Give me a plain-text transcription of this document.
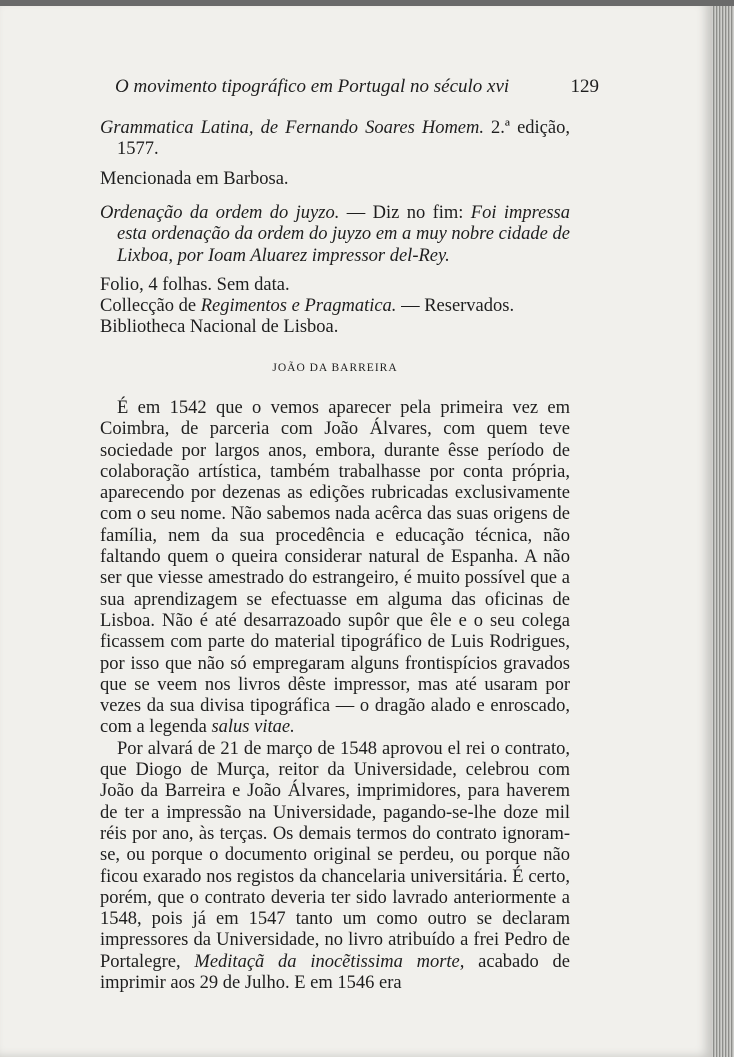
O movimento tipográfico em Portugal no século xvi	129

Grammatica Latina, de Fernando Soares Homem. 2.ª edição, 1577.

Mencionada em Barbosa.

Ordenação da ordem do juyzo. — Diz no fim: Foi impressa esta ordenação da ordem do juyzo em a muy nobre cidade de Lixboa, por Ioam Aluarez impressor del-Rey.

Folio, 4 folhas. Sem data.

Collecção de Regimentos e Pragmatica. — Reservados.

Bibliotheca Nacional de Lisboa.

JOÃO DA BARREIRA

É em 1542 que o vemos aparecer pela primeira vez em Coimbra, de parceria com João Álvares, com quem teve sociedade por largos anos, embora, durante êsse período de colaboração artística, também trabalhasse por conta própria, aparecendo por dezenas as edições rubricadas exclusivamente com o seu nome. Não sabemos nada acêrca das suas origens de família, nem da sua procedência e educação técnica, não faltando quem o queira considerar natural de Espanha. A não ser que viesse amestrado do estrangeiro, é muito possível que a sua aprendizagem se efectuasse em alguma das oficinas de Lisboa. Não é até desarrazoado supôr que êle e o seu colega ficassem com parte do material tipográfico de Luis Rodrigues, por isso que não só empregaram alguns frontispícios gravados que se veem nos livros dêste impressor, mas até usaram por vezes da sua divisa tipográfica — o dragão alado e enroscado, com a legenda salus vitae.

Por alvará de 21 de março de 1548 aprovou el rei o contrato, que Diogo de Murça, reitor da Universidade, celebrou com João da Barreira e João Álvares, imprimidores, para haverem de ter a impressão na Universidade, pagando-se-lhe doze mil réis por ano, às terças. Os demais termos do contrato ignoram-se, ou porque o documento original se perdeu, ou porque não ficou exarado nos registos da chancelaria universitária. É certo, porém, que o contrato deveria ter sido lavrado anteriormente a 1548, pois já em 1547 tanto um como outro se declaram impressores da Universidade, no livro atribuído a frei Pedro de Portalegre, Meditaçã da inocẽtissima morte, acabado de imprimir aos 29 de Julho. E em 1546 era
